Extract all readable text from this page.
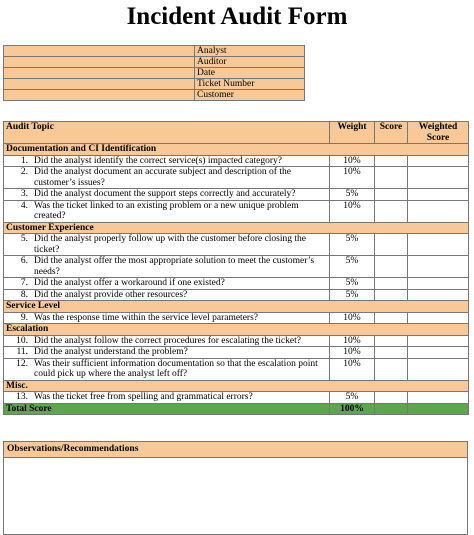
Incident Audit Form
	Analyst
	Auditor
	Date
	Ticket Number
	Customer
Audit Topic	Weight	Score	Weighted Score
Documentation and CI Identification			

1. Did the analyst identify the correct service(s) impacted category?	10%		

2. Did the analyst document an accurate subject and description of the customer’s issues?	10%		

3. Did the analyst document the support steps correctly and accurately?	5%		

4. Was the ticket linked to an existing problem or a new unique problem created?	10%		
Customer Experience			

5. Did the analyst properly follow up with the customer before closing the ticket?	5%		

6. Did the analyst offer the most appropriate solution to meet the customer’s needs?	5%		

7. Did the analyst offer a workaround if one existed?	5%		

8. Did the analyst provide other resources?	5%		
Service Level			

9. Was the response time within the service level parameters?	10%		
Escalation			

10. Did the analyst follow the correct procedures for escalating the ticket?	10%		

11. Did the analyst understand the problem?	10%		

12. Was their sufficient information documentation so that the escalation point could pick up where the analyst left off?	10%		
Misc.			

13. Was the ticket free from spelling and grammatical errors?	5%		
Total Score	100%		
Observations/Recommendations
